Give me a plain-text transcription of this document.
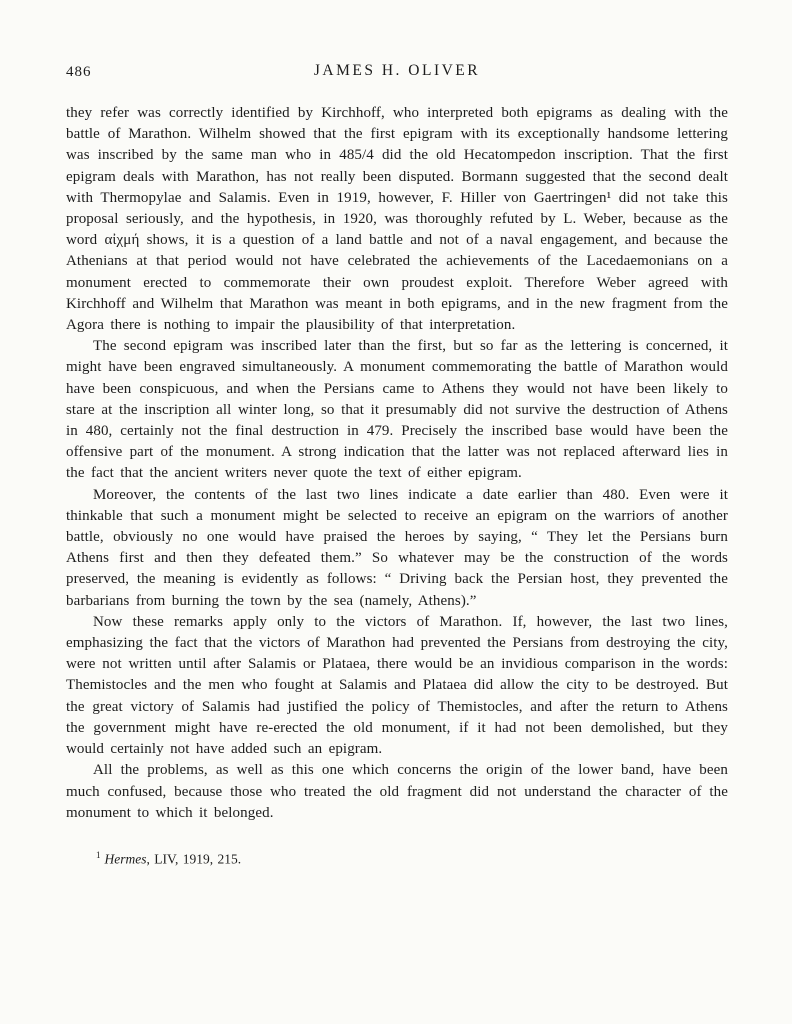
486	JAMES H. OLIVER

they refer was correctly identified by Kirchhoff, who interpreted both epigrams as dealing with the battle of Marathon. Wilhelm showed that the first epigram with its exceptionally handsome lettering was inscribed by the same man who in 485/4 did the old Hecatompedon inscription. That the first epigram deals with Marathon, has not really been disputed. Bormann suggested that the second dealt with Thermopylae and Salamis. Even in 1919, however, F. Hiller von Gaertringen¹ did not take this proposal seriously, and the hypothesis, in 1920, was thoroughly refuted by L. Weber, because as the word αἰχμή shows, it is a question of a land battle and not of a naval engagement, and because the Athenians at that period would not have celebrated the achievements of the Lacedaemonians on a monument erected to commemorate their own proudest exploit. Therefore Weber agreed with Kirchhoff and Wilhelm that Marathon was meant in both epigrams, and in the new fragment from the Agora there is nothing to impair the plausibility of that interpretation.

The second epigram was inscribed later than the first, but so far as the lettering is concerned, it might have been engraved simultaneously. A monument commemorating the battle of Marathon would have been conspicuous, and when the Persians came to Athens they would not have been likely to stare at the inscription all winter long, so that it presumably did not survive the destruction of Athens in 480, certainly not the final destruction in 479. Precisely the inscribed base would have been the offensive part of the monument. A strong indication that the latter was not replaced afterward lies in the fact that the ancient writers never quote the text of either epigram.

Moreover, the contents of the last two lines indicate a date earlier than 480. Even were it thinkable that such a monument might be selected to receive an epigram on the warriors of another battle, obviously no one would have praised the heroes by saying, “ They let the Persians burn Athens first and then they defeated them.” So whatever may be the construction of the words preserved, the meaning is evidently as follows: “ Driving back the Persian host, they prevented the barbarians from burning the town by the sea (namely, Athens).”

Now these remarks apply only to the victors of Marathon. If, however, the last two lines, emphasizing the fact that the victors of Marathon had prevented the Persians from destroying the city, were not written until after Salamis or Plataea, there would be an invidious comparison in the words: Themistocles and the men who fought at Salamis and Plataea did allow the city to be destroyed. But the great victory of Salamis had justified the policy of Themistocles, and after the return to Athens the government might have re-erected the old monument, if it had not been demolished, but they would certainly not have added such an epigram.

All the problems, as well as this one which concerns the origin of the lower band, have been much confused, because those who treated the old fragment did not understand the character of the monument to which it belonged.

$^1$ Hermes, LIV, 1919, 215.
